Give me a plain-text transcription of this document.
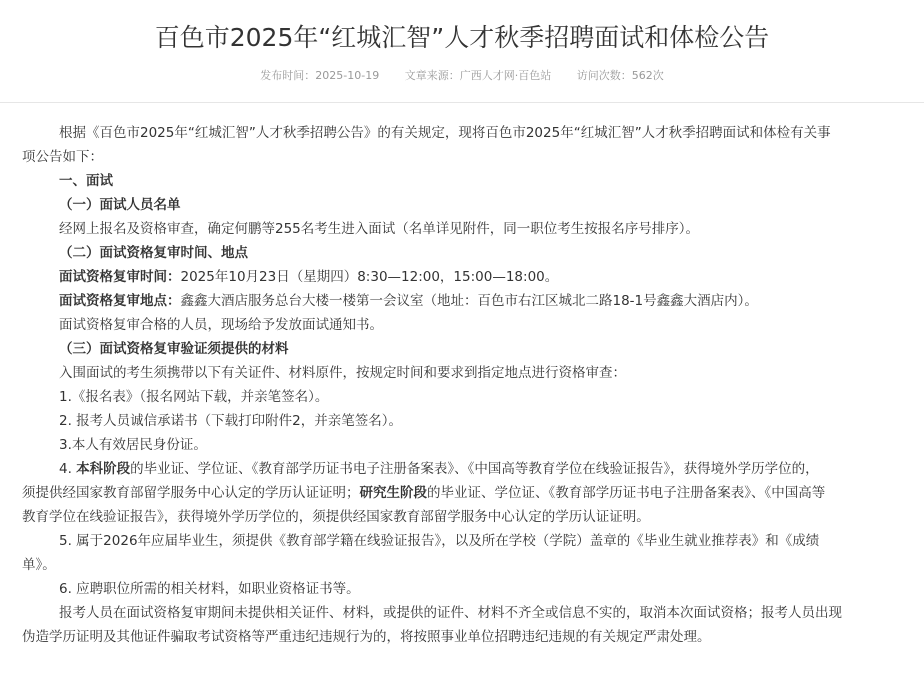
百色市2025年“红城汇智”人才秋季招聘面试和体检公告
发布时间：2025-10-19 文章来源：广西人才网·百色站 访问次数：562次

根据《百色市2025年“红城汇智”人才秋季招聘公告》的有关规定，现将百色市2025年“红城汇智”人才秋季招聘面试和体检有关事

项公告如下：

一、面试

（一）面试人员名单

经网上报名及资格审查，确定何鹏等255名考生进入面试（名单详见附件，同一职位考生按报名序号排序）。

（二）面试资格复审时间、地点

面试资格复审时间：2025年10月23日（星期四）8:30—12:00，15:00—18:00。

面试资格复审地点：鑫鑫大酒店服务总台大楼一楼第一会议室（地址：百色市右江区城北二路18-1号鑫鑫大酒店内）。

面试资格复审合格的人员，现场给予发放面试通知书。

（三）面试资格复审验证须提供的材料

入围面试的考生须携带以下有关证件、材料原件，按规定时间和要求到指定地点进行资格审查：

1.《报名表》（报名网站下载，并亲笔签名）。

2. 报考人员诚信承诺书（下载打印附件2，并亲笔签名）。

3.本人有效居民身份证。

4. 本科阶段的毕业证、学位证、《教育部学历证书电子注册备案表》、《中国高等教育学位在线验证报告》，获得境外学历学位的，

须提供经国家教育部留学服务中心认定的学历认证证明；研究生阶段的毕业证、学位证、《教育部学历证书电子注册备案表》、《中国高等

教育学位在线验证报告》，获得境外学历学位的，须提供经国家教育部留学服务中心认定的学历认证证明。

5. 属于2026年应届毕业生，须提供《教育部学籍在线验证报告》，以及所在学校（学院）盖章的《毕业生就业推荐表》和《成绩

单》。

6. 应聘职位所需的相关材料，如职业资格证书等。

报考人员在面试资格复审期间未提供相关证件、材料，或提供的证件、材料不齐全或信息不实的，取消本次面试资格；报考人员出现

伪造学历证明及其他证件骗取考试资格等严重违纪违规行为的，将按照事业单位招聘违纪违规的有关规定严肃处理。
